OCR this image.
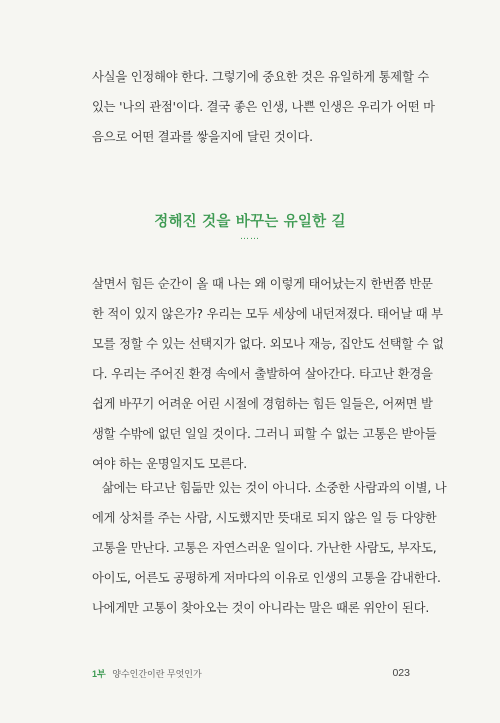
사실을 인정해야 한다. 그렇기에 중요한 것은 유일하게 통제할 수
있는 '나의 관점'이다. 결국 좋은 인생, 나쁜 인생은 우리가 어떤 마
음으로 어떤 결과를 쌓을지에 달린 것이다.

정해진 것을 바꾸는 유일한 길
……

살면서 힘든 순간이 올 때 나는 왜 이렇게 태어났는지 한번쯤 반문
한 적이 있지 않은가? 우리는 모두 세상에 내던져졌다. 태어날 때 부
모를 정할 수 있는 선택지가 없다. 외모나 재능, 집안도 선택할 수 없
다. 우리는 주어진 환경 속에서 출발하여 살아간다. 타고난 환경을
쉽게 바꾸기 어려운 어린 시절에 경험하는 힘든 일들은, 어쩌면 발
생할 수밖에 없던 일일 것이다. 그러니 피할 수 없는 고통은 받아들
여야 하는 운명일지도 모른다.

삶에는 타고난 힘듦만 있는 것이 아니다. 소중한 사람과의 이별, 나
에게 상처를 주는 사람, 시도했지만 뜻대로 되지 않은 일 등 다양한
고통을 만난다. 고통은 자연스러운 일이다. 가난한 사람도, 부자도,
아이도, 어른도 공평하게 저마다의 이유로 인생의 고통을 감내한다.
나에게만 고통이 찾아오는 것이 아니라는 말은 때론 위안이 된다.

1부 양수인간이란 무엇인가	023
